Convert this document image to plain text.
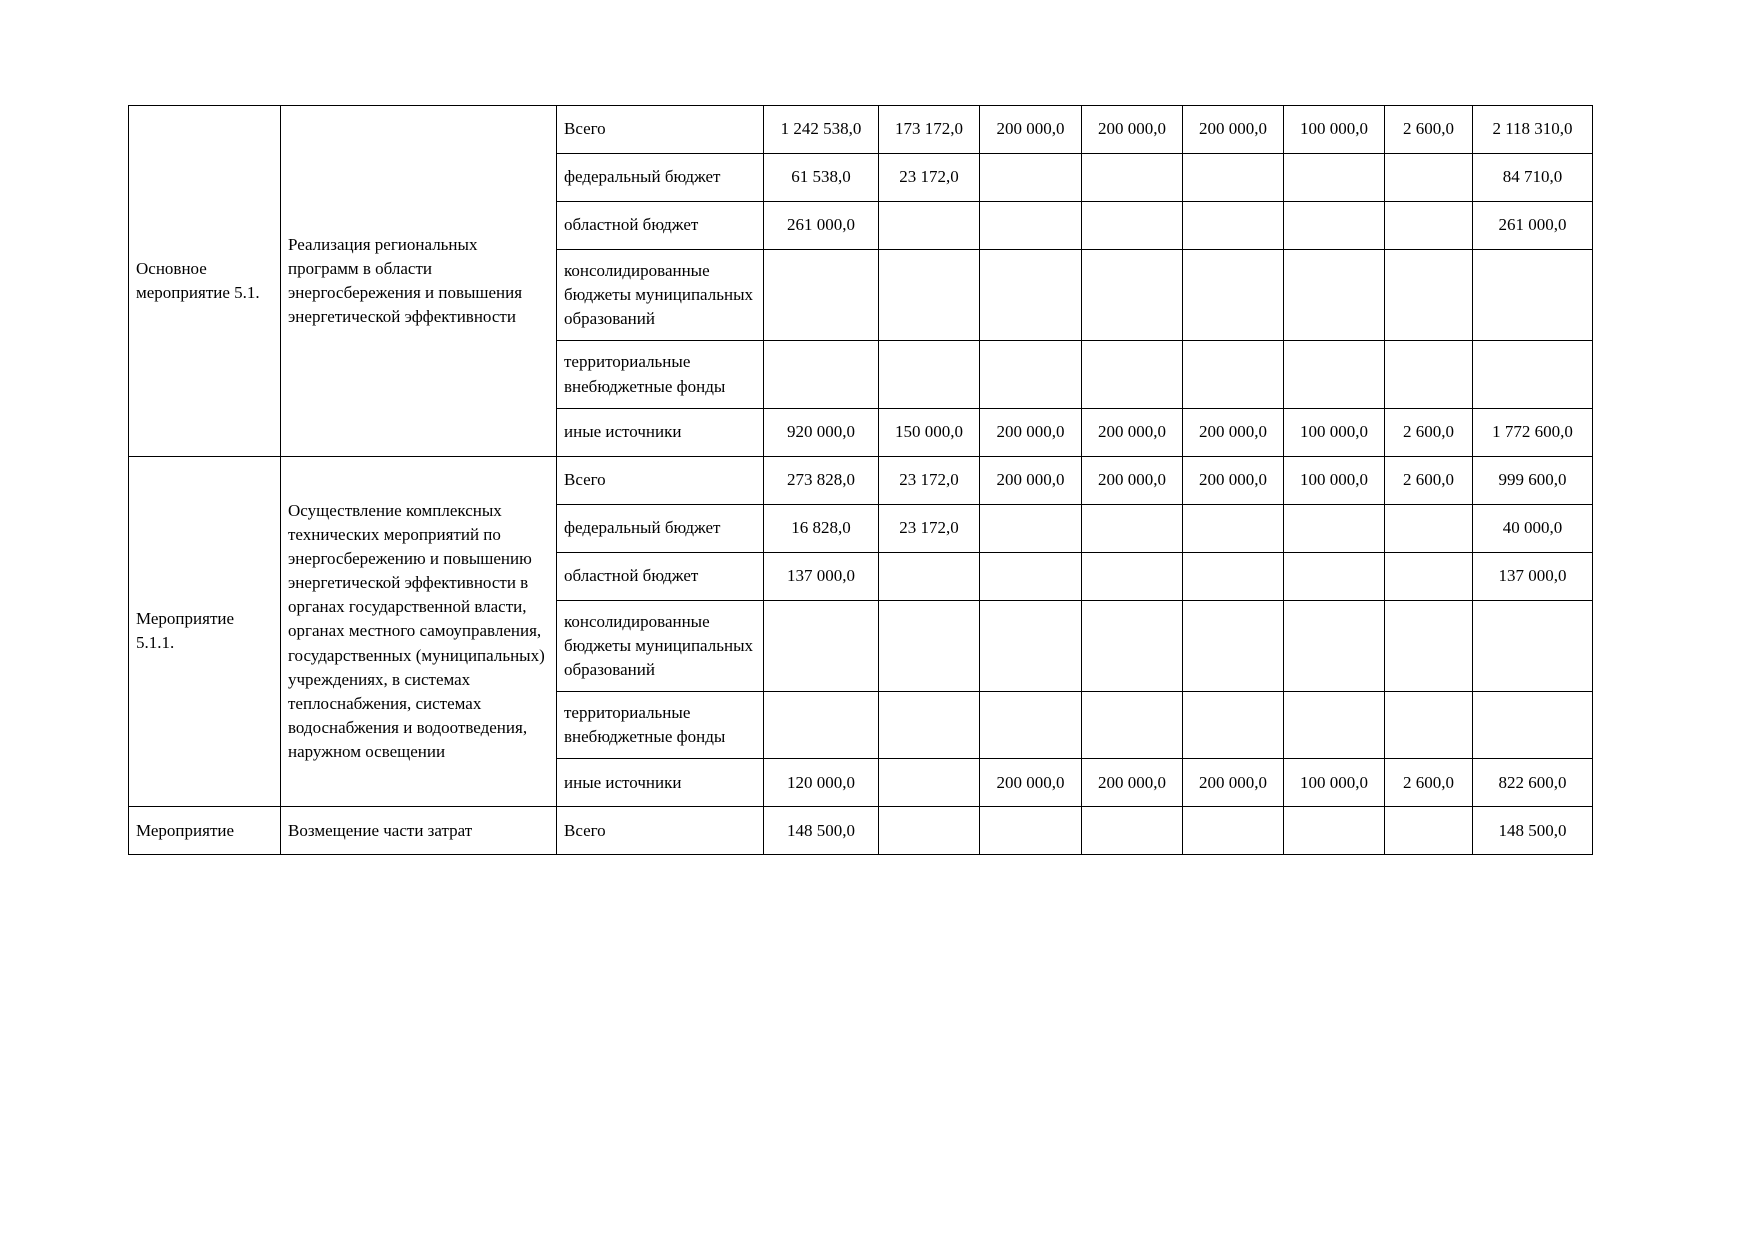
Основное мероприятие 5.1.	Реализация региональных программ в области энергосбережения и повышения энергетической эффективности	Всего	1 242 538,0	173 172,0	200 000,0	200 000,0	200 000,0	100 000,0	2 600,0	2 118 310,0
		федеральный бюджет	61 538,0	23 172,0						84 710,0
		областной бюджет	261 000,0							261 000,0
		консолидированные бюджеты муниципальных образований								
		территориальные внебюджетные фонды								
		иные источники	920 000,0	150 000,0	200 000,0	200 000,0	200 000,0	100 000,0	2 600,0	1 772 600,0
Мероприятие 5.1.1.	Осуществление комплексных технических мероприятий по энергосбережению и повышению энергетической эффективности в органах государственной власти, органах местного самоуправления, государственных (муниципальных) учреждениях, в системах теплоснабжения, системах водоснабжения и водоотведения, наружном освещении	Всего	273 828,0	23 172,0	200 000,0	200 000,0	200 000,0	100 000,0	2 600,0	999 600,0
		федеральный бюджет	16 828,0	23 172,0						40 000,0
		областной бюджет	137 000,0							137 000,0
		консолидированные бюджеты муниципальных образований								
		территориальные внебюджетные фонды								
		иные источники	120 000,0		200 000,0	200 000,0	200 000,0	100 000,0	2 600,0	822 600,0
Мероприятие	Возмещение части затрат	Всего	148 500,0							148 500,0
